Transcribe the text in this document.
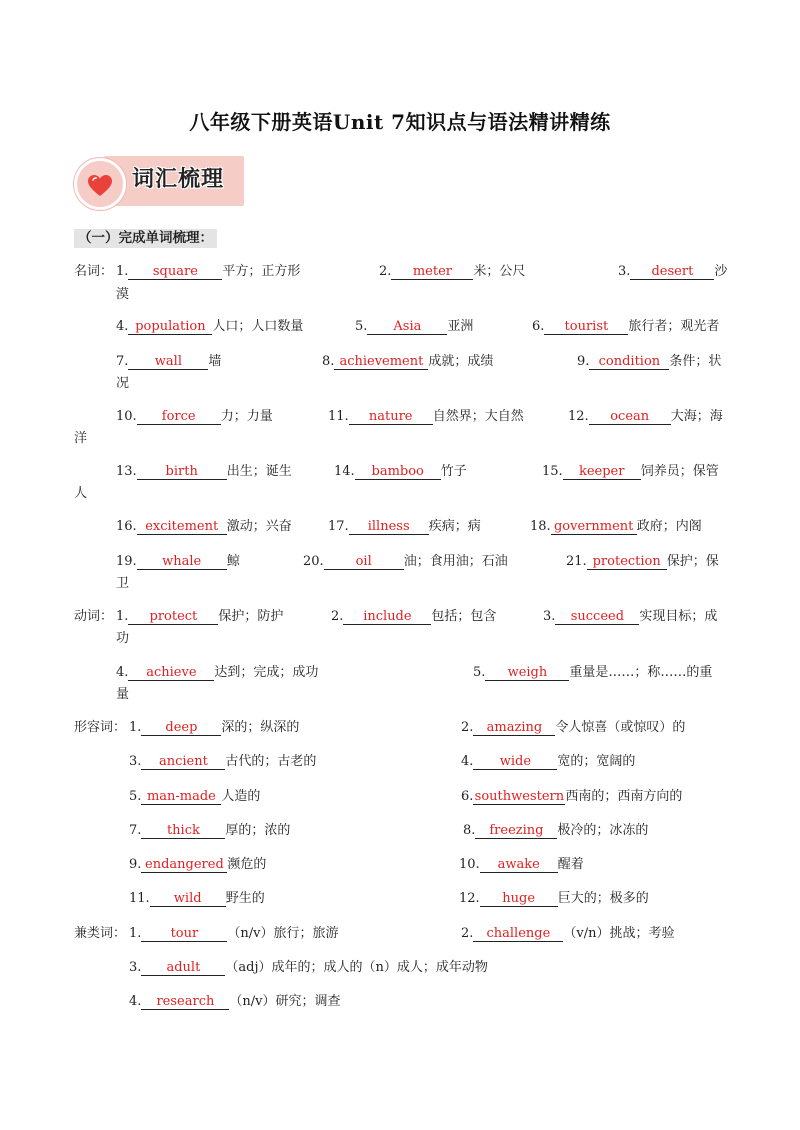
八年级下册英语Unit 7知识点与语法精讲精练
词汇梳理
（一）完成单词梳理：
名词： 1. square 平方；正方形	2. meter 米；公尺	3. desert 沙
漠
4. population 人口；人口数量	5. Asia 亚洲	6. tourist 旅行者；观光者
7. wall 墙	8. achievement 成就；成绩	9. condition 条件；状
况
10. force 力；力量	11. nature 自然界；大自然	12. ocean 大海；海
洋
13. birth 出生；诞生	14. bamboo 竹子	15. keeper 饲养员；保管
人
16. excitement 激动；兴奋	17. illness 疾病；病	18. government 政府；内阁
19. whale 鲸	20. oil 油；食用油；石油	21. protection 保护；保
卫
动词： 1. protect 保护；防护	2. include 包括；包含	3. succeed 实现目标；成
功
4. achieve 达到；完成；成功	5. weigh 重量是……；称……的重
量
形容词： 1. deep 深的；纵深的	2. amazing 令人惊喜（或惊叹）的
3. ancient 古代的；古老的	4. wide 宽的；宽阔的
5. man-made 人造的	6.southwestern西南的；西南方向的
7. thick 厚的；浓的	8. freezing 极冷的；冰冻的
9. endangered 濒危的	10. awake 醒着
11. wild 野生的	12. huge 巨大的；极多的
兼类词： 1. tour （n/v）旅行；旅游	2. challenge （v/n）挑战；考验
3. adult （adj）成年的；成人的（n）成人；成年动物
4. research （n/v）研究；调查
